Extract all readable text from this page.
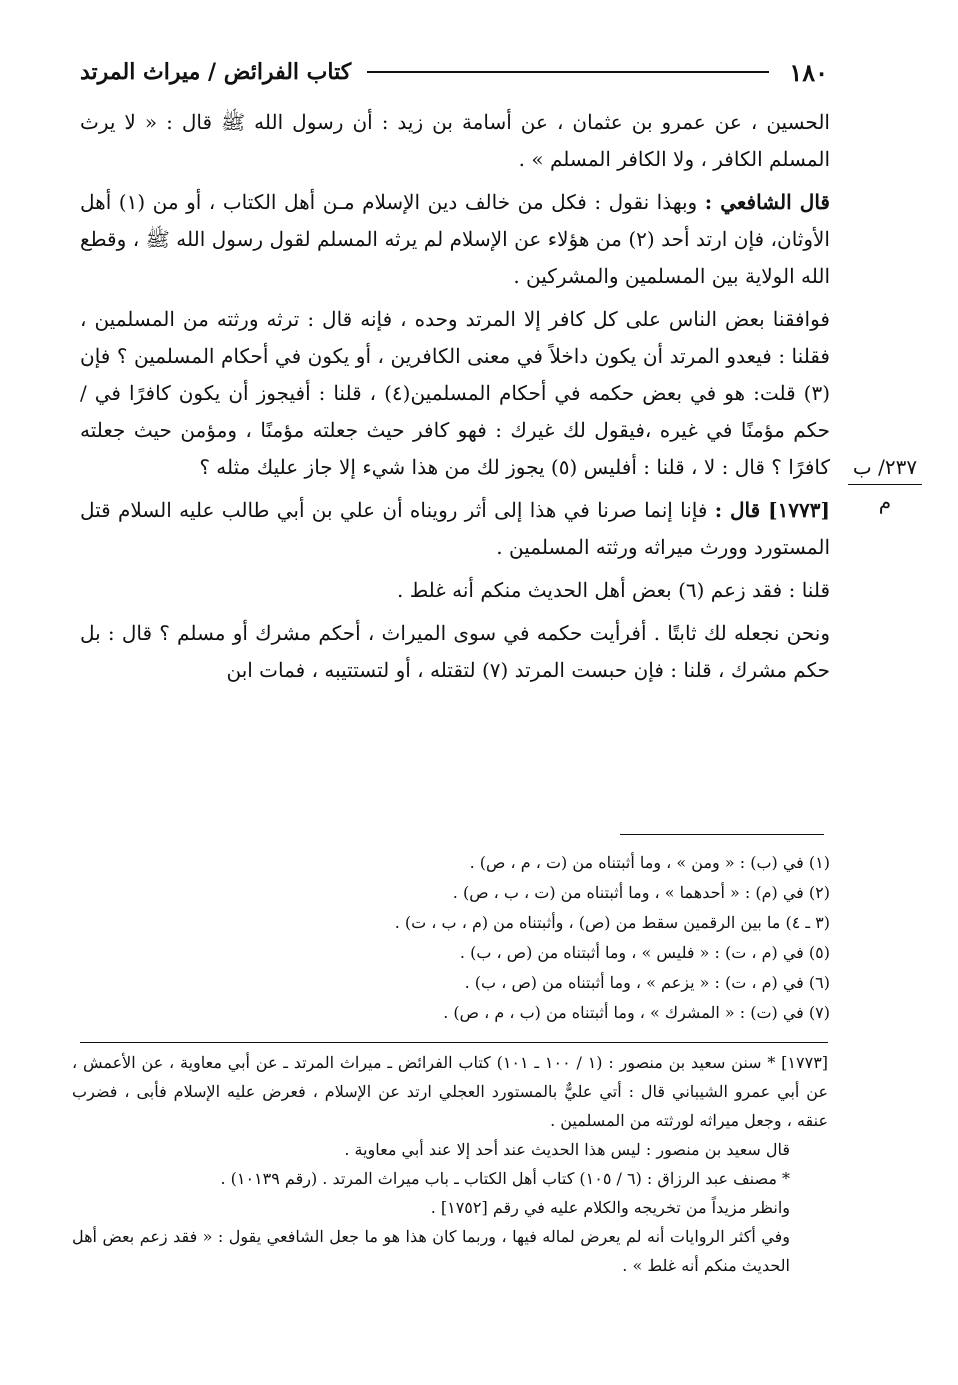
١٨٠
كتاب الفرائض / ميراث المرتد

الحسين ، عن عمرو بن عثمان ، عن أسامة بن زيد : أن رسول الله ﷺ قال : « لا يرث المسلم الكافر ، ولا الكافر المسلم » .

قال الشافعي : وبهذا نقول : فكل من خالف دين الإسلام مـن أهل الكتاب ، أو من (١) أهل الأوثان، فإن ارتد أحد (٢) من هؤلاء عن الإسلام لم يرثه المسلم لقول رسول الله ﷺ ، وقطع الله الولاية بين المسلمين والمشركين .

فوافقنا بعض الناس على كل كافر إلا المرتد وحده ، فإنه قال : ترثه ورثته من المسلمين ، فقلنا : فيعدو المرتد أن يكون داخلاً في معنى الكافرين ، أو يكون في أحكام المسلمين ؟ فإن (٣) قلت: هو في بعض حكمه في أحكام المسلمين(٤) ، قلنا : أفيجوز أن يكون كافرًا في / حكم مؤمنًا في غيره ،فيقول لك غيرك : فهو كافر حيث جعلته مؤمنًا ، ومؤمن حيث جعلته كافرًا ؟ قال : لا ، قلنا : أفليس (٥) يجوز لك من هذا شيء إلا جاز عليك مثله ؟

[١٧٧٣] قال : فإنا إنما صرنا في هذا إلى أثر رويناه أن علي بن أبي طالب عليه السلام قتل المستورد وورث ميراثه ورثته المسلمين .

قلنا : فقد زعم (٦) بعض أهل الحديث منكم أنه غلط .

ونحن نجعله لك ثابتًا . أفرأيت حكمه في سوى الميراث ، أحكم مشرك أو مسلم ؟ قال : بل حكم مشرك ، قلنا : فإن حبست المرتد (٧) لتقتله ، أو لتستتيبه ، فمات ابن

٢٣٧/ ب
م
(١) في (ب) : « ومن » ، وما أثبتناه من (ت ، م ، ص) .
(٢) في (م) : « أحدهما » ، وما أثبتناه من (ت ، ب ، ص) .
(٣ ـ ٤) ما بين الرقمين سقط من (ص) ، وأثبتناه من (م ، ب ، ت) .
(٥) في (م ، ت) : « فليس » ، وما أثبتناه من (ص ، ب) .
(٦) في (م ، ت) : « يزعم » ، وما أثبتناه من (ص ، ب) .
(٧) في (ت) : « المشرك » ، وما أثبتناه من (ب ، م ، ص) .
[١٧٧٣] * سنن سعيد بن منصور : (١ / ١٠٠ ـ ١٠١) كتاب الفرائض ـ ميراث المرتد ـ عن أبي معاوية ، عن الأعمش ، عن أبي عمرو الشيباني قال : أتي عليٌّ بالمستورد العجلي ارتد عن الإسلام ، فعرض عليه الإسلام فأبى ، فضرب عنقه ، وجعل ميراثه لورثته من المسلمين .
قال سعيد بن منصور : ليس هذا الحديث عند أحد إلا عند أبي معاوية .
* مصنف عبد الرزاق : (٦ / ١٠٥) كتاب أهل الكتاب ـ باب ميراث المرتد . (رقم ١٠١٣٩) .
وانظر مزيداً من تخريجه والكلام عليه في رقم [١٧٥٢] .
وفي أكثر الروايات أنه لم يعرض لماله فيها ، وربما كان هذا هو ما جعل الشافعي يقول : « فقد زعم بعض أهل الحديث منكم أنه غلط » .
